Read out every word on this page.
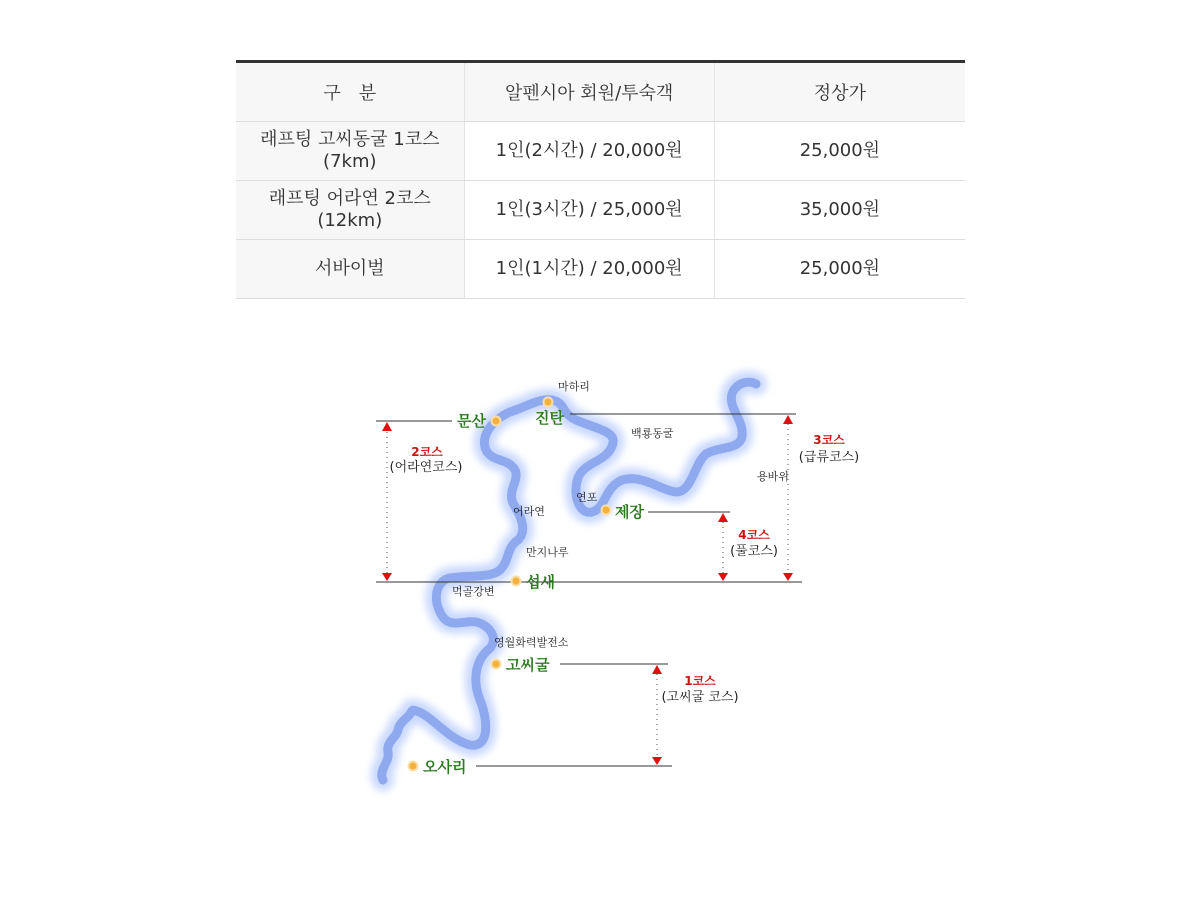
구　분	알펜시아 회원/투숙객	정상가
래프팅 고씨동굴 1코스
(7km)	1인(2시간) / 20,000원	25,000원
래프팅 어라연 2코스
(12km)	1인(3시간) / 25,000원	35,000원
서바이벌	1인(1시간) / 20,000원	25,000원
문산	진탄
제장
섭새
고씨굴
오사리
마하리
백룡동굴
용바위
연포
어라연
만지나루
먹골강변
영월화력발전소
2코스
(어라연코스)
3코스
(급류코스)
4코스
(풀코스)
1코스
(고씨굴 코스)
